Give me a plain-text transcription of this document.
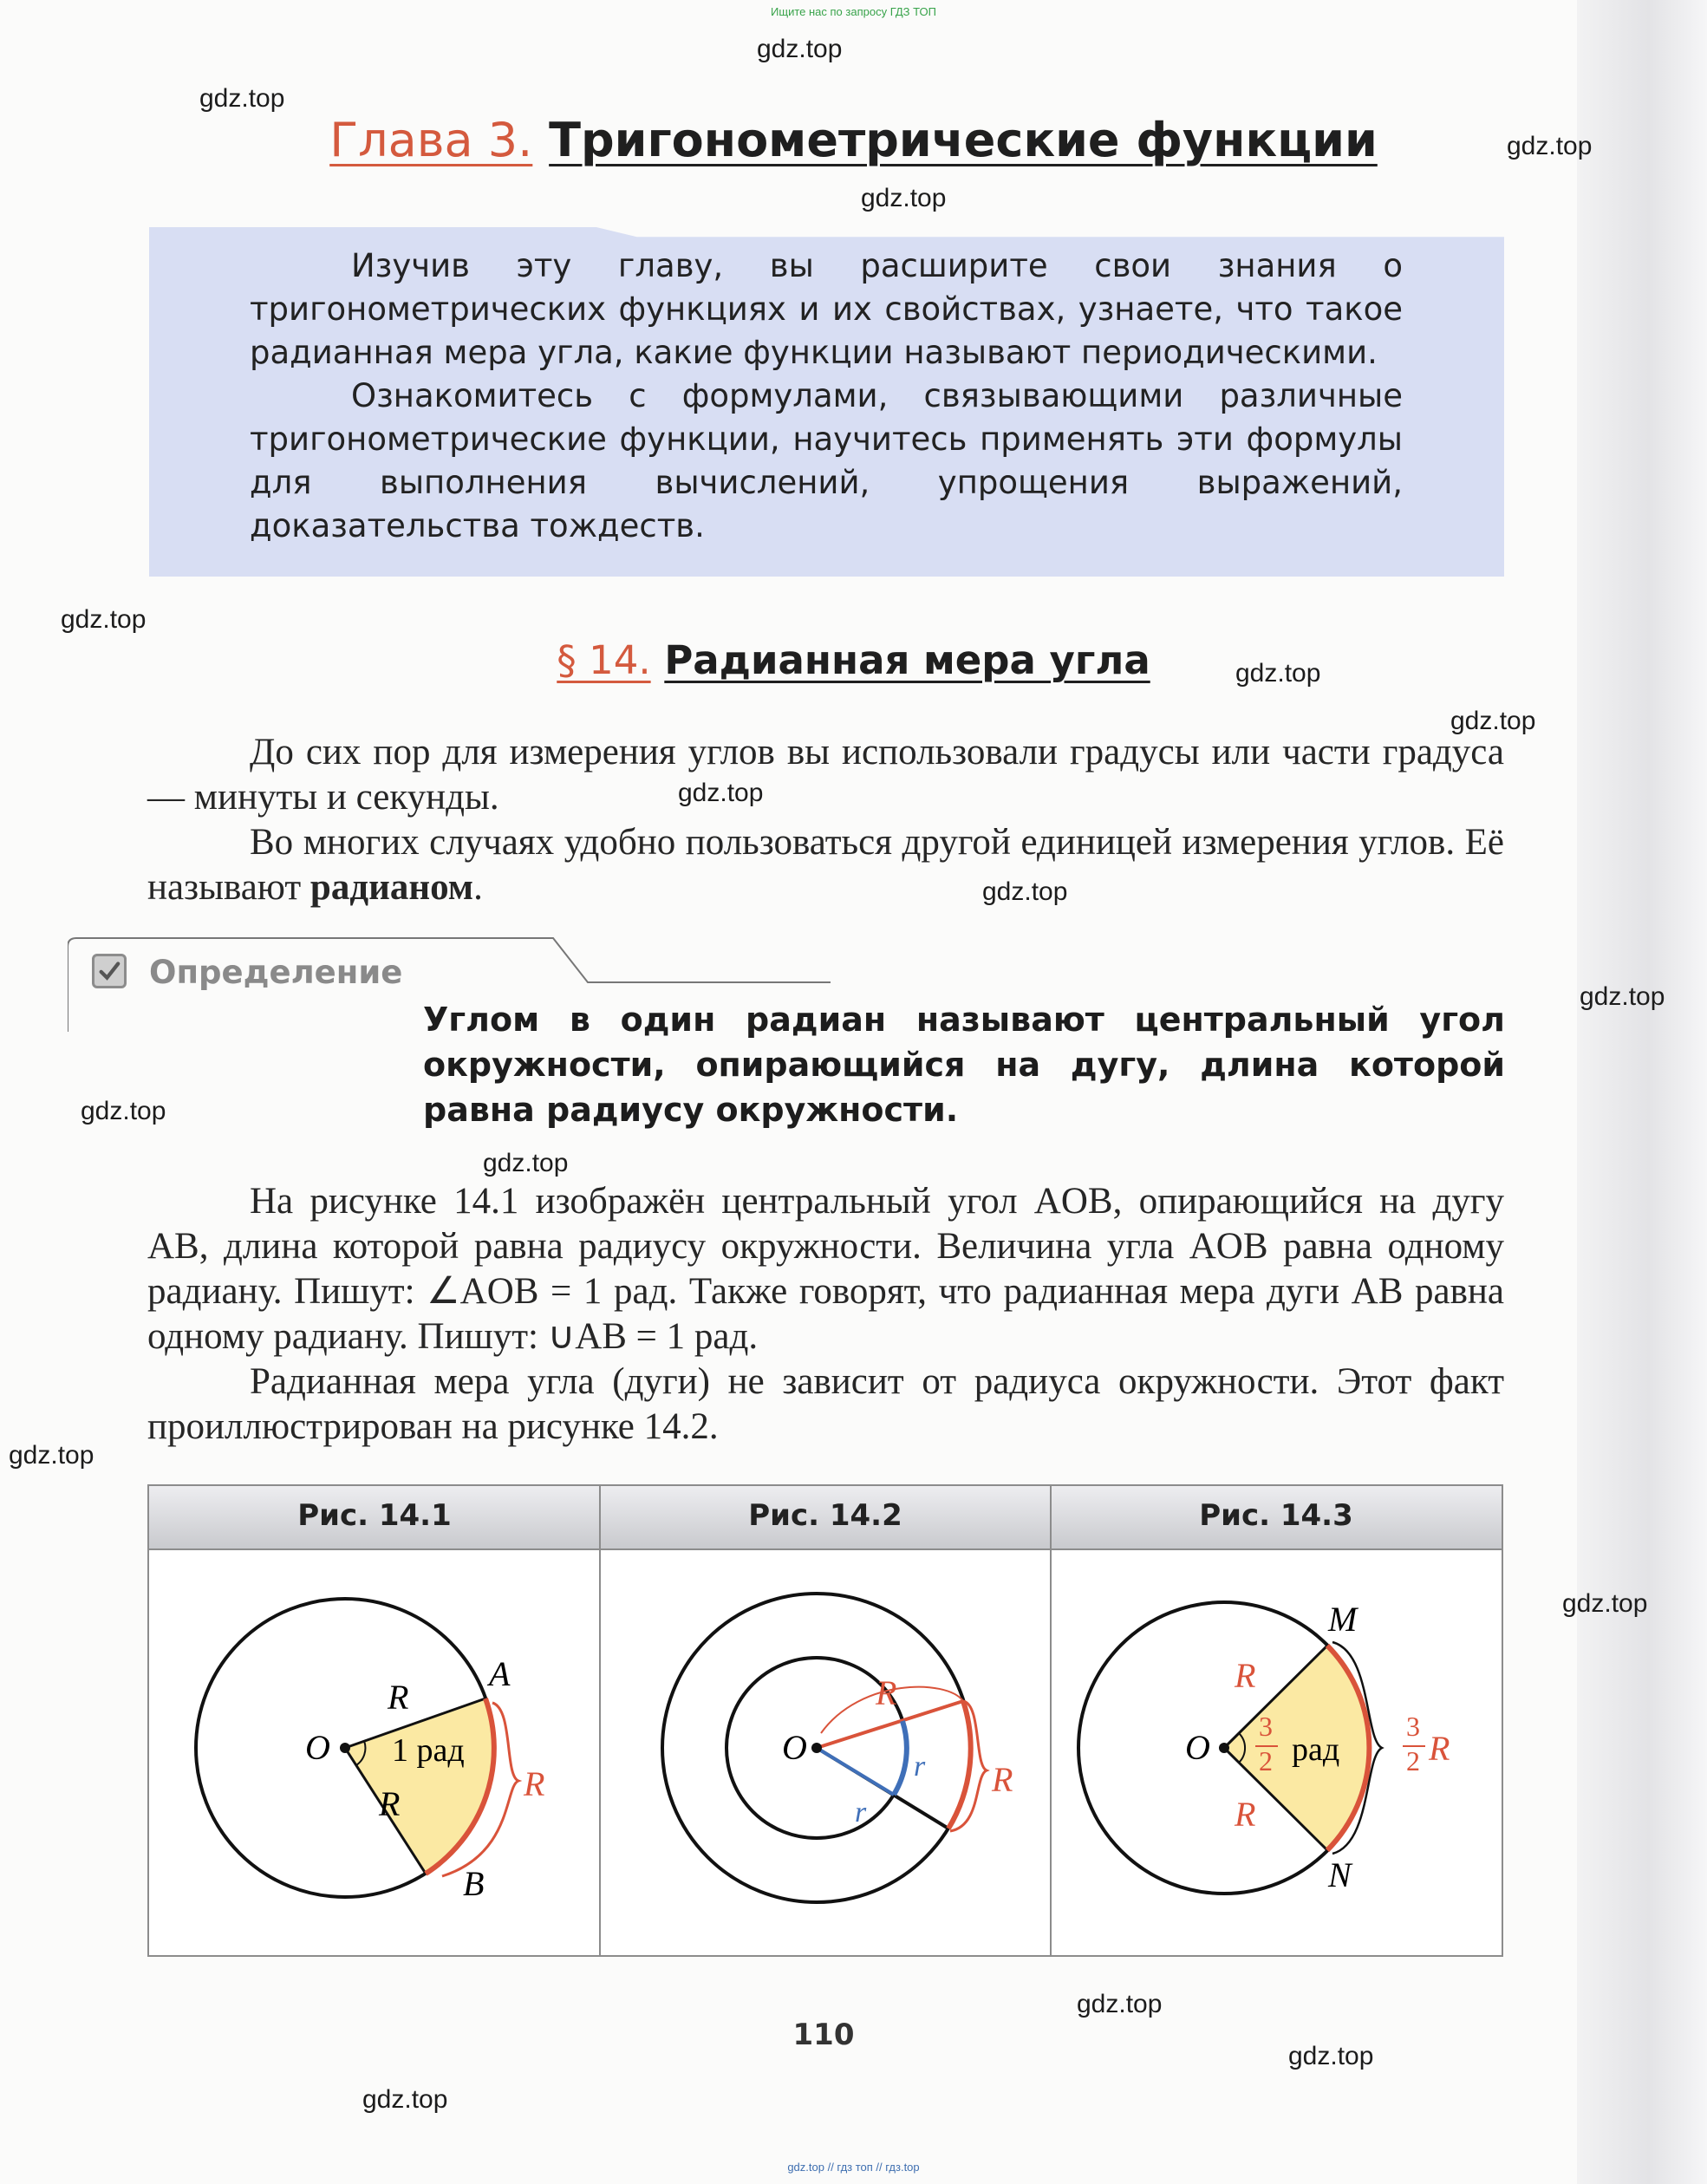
Ищите нас по запросу ГДЗ ТОП
gdz.top
gdz.top
gdz.top
gdz.top
gdz.top
gdz.top
gdz.top
gdz.top
gdz.top
gdz.top
gdz.top
gdz.top
gdz.top
gdz.top
gdz.top
gdz.top
gdz.top
Глава 3. Тригонометрические функции

Изучив эту главу, вы расширите свои знания о тригонометрических функциях и их свойствах, узнаете, что такое радианная мера угла, какие функции называют периодическими.

Ознакомитесь с формулами, связывающими различные тригонометрические функции, научитесь применять эти формулы для выполнения вычислений, упрощения выражений, доказательства тождеств.

§ 14. Радианная мера угла

До сих пор для измерения углов вы использовали градусы или части градуса — минуты и секунды.

Во многих случаях удобно пользоваться другой единицей измерения углов. Её называют радианом.

Определение
Углом в один радиан называют центральный угол окружности, опирающийся на дугу, длина которой равна радиусу окружности.

На рисунке 14.1 изображён центральный угол AOB, опирающийся на дугу AB, длина которой равна радиусу окружности. Величина угла AOB равна одному радиану. Пишут: ∠AOB = 1 рад. Также говорят, что радианная мера дуги AB равна одному радиану. Пишут: ∪AB = 1 рад.

Радианная мера угла (дуги) не зависит от радиуса окружности. Этот факт проиллюстрирован на рисунке 14.2.

Рис. 14.1	Рис. 14.2	Рис. 14.3
O
A
B
R
R
R
1 рад	O
R
R
r
r
O
M
N
R
R
3
2 рад
3
2 R
110
gdz.top // гдз топ // гдз.top
